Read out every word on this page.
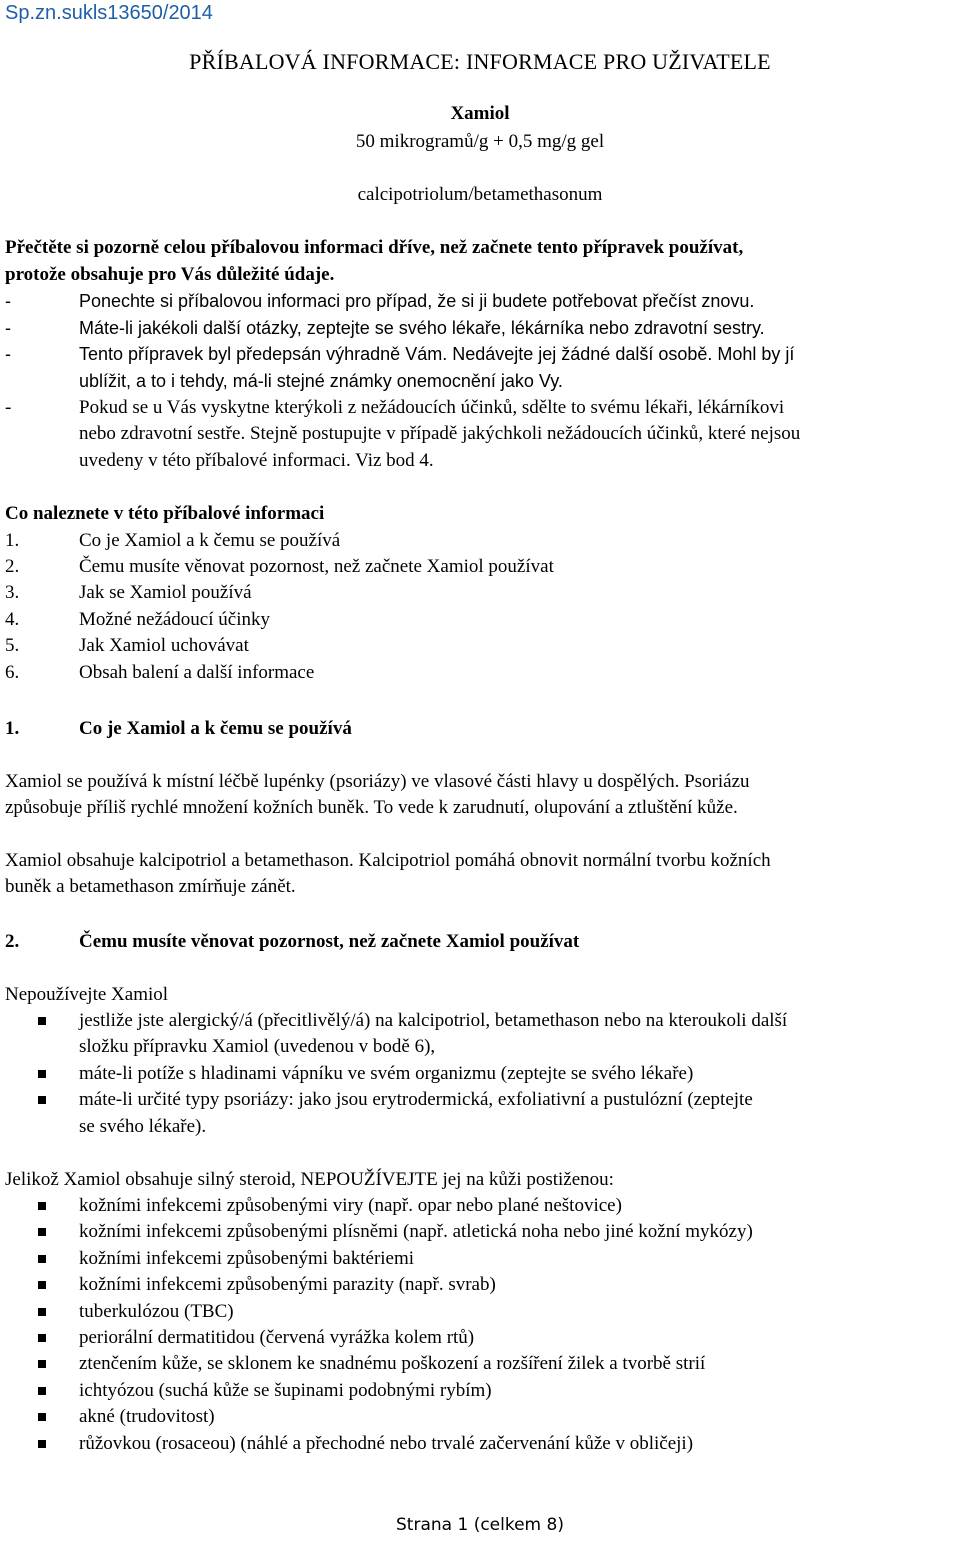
Sp.zn.sukls13650/2014
PŘÍBALOVÁ INFORMACE: INFORMACE PRO UŽIVATELE
Xamiol
50 mikrogramů/g + 0,5 mg/g gel
calcipotriolum/betamethasonum
Přečtěte si pozorně celou příbalovou informaci dříve, než začnete tento přípravek používat,
protože obsahuje pro Vás důležité údaje.
-	Ponechte si příbalovou informaci pro případ, že si ji budete potřebovat přečíst znovu.
-	Máte-li jakékoli další otázky, zeptejte se svého lékaře, lékárníka nebo zdravotní sestry.
-	Tento přípravek byl předepsán výhradně Vám. Nedávejte jej žádné další osobě. Mohl by jí
ublížit, a to i tehdy, má-li stejné známky onemocnění jako Vy.
-	Pokud se u Vás vyskytne kterýkoli z nežádoucích účinků, sdělte to svému lékaři, lékárníkovi
nebo zdravotní sestře. Stejně postupujte v případě jakýchkoli nežádoucích účinků, které nejsou
uvedeny v této příbalové informaci. Viz bod 4.
Co naleznete v této příbalové informaci
1.	Co je Xamiol a k čemu se používá
2.	Čemu musíte věnovat pozornost, než začnete Xamiol používat
3.	Jak se Xamiol používá
4.	Možné nežádoucí účinky
5.	Jak Xamiol uchovávat
6.	Obsah balení a další informace
1.	Co je Xamiol a k čemu se používá
Xamiol se používá k místní léčbě lupénky (psoriázy) ve vlasové části hlavy u dospělých. Psoriázu
způsobuje příliš rychlé množení kožních buněk. To vede k zarudnutí, olupování a ztluštění kůže.
Xamiol obsahuje kalcipotriol a betamethason. Kalcipotriol pomáhá obnovit normální tvorbu kožních
buněk a betamethason zmírňuje zánět.
2.	Čemu musíte věnovat pozornost, než začnete Xamiol používat
Nepoužívejte Xamiol
jestliže jste alergický/á (přecitlivělý/á) na kalcipotriol, betamethason nebo na kterou​koli další
složku přípravku Xamiol (uvedenou v bodě 6),
máte-li potíže s hladinami vápníku ve svém organizmu (zeptejte se svého lékaře)
máte-li určité typy psoriázy: jako jsou erytrodermická, exfoliativní a pustulózní (zeptejte
se svého lékaře).
Jelikož Xamiol obsahuje silný steroid, NEPOUŽÍVEJTE jej na kůži postiženou:
kožními infekcemi způsobenými viry (např. opar nebo plané neštovice)
kožními infekcemi způsobenými plísněmi (např. atletická noha nebo jiné kožní mykózy)
kožními infekcemi způsobenými baktériemi
kožními infekcemi způsobenými parazity (např. svrab)
tuberkulózou (TBC)
periorální dermatitidou (červená vyrážka kolem rtů)
ztenčením kůže, se sklonem ke snadnému poškození a rozšíření žilek a tvorbě strií
ichtyózou (suchá kůže se šupinami podobnými rybím)
akné (trudovitost)
růžovkou (rosaceou) (náhlé a přechodné nebo trvalé začervenání kůže v obličeji)
Strana 1 (celkem 8)
